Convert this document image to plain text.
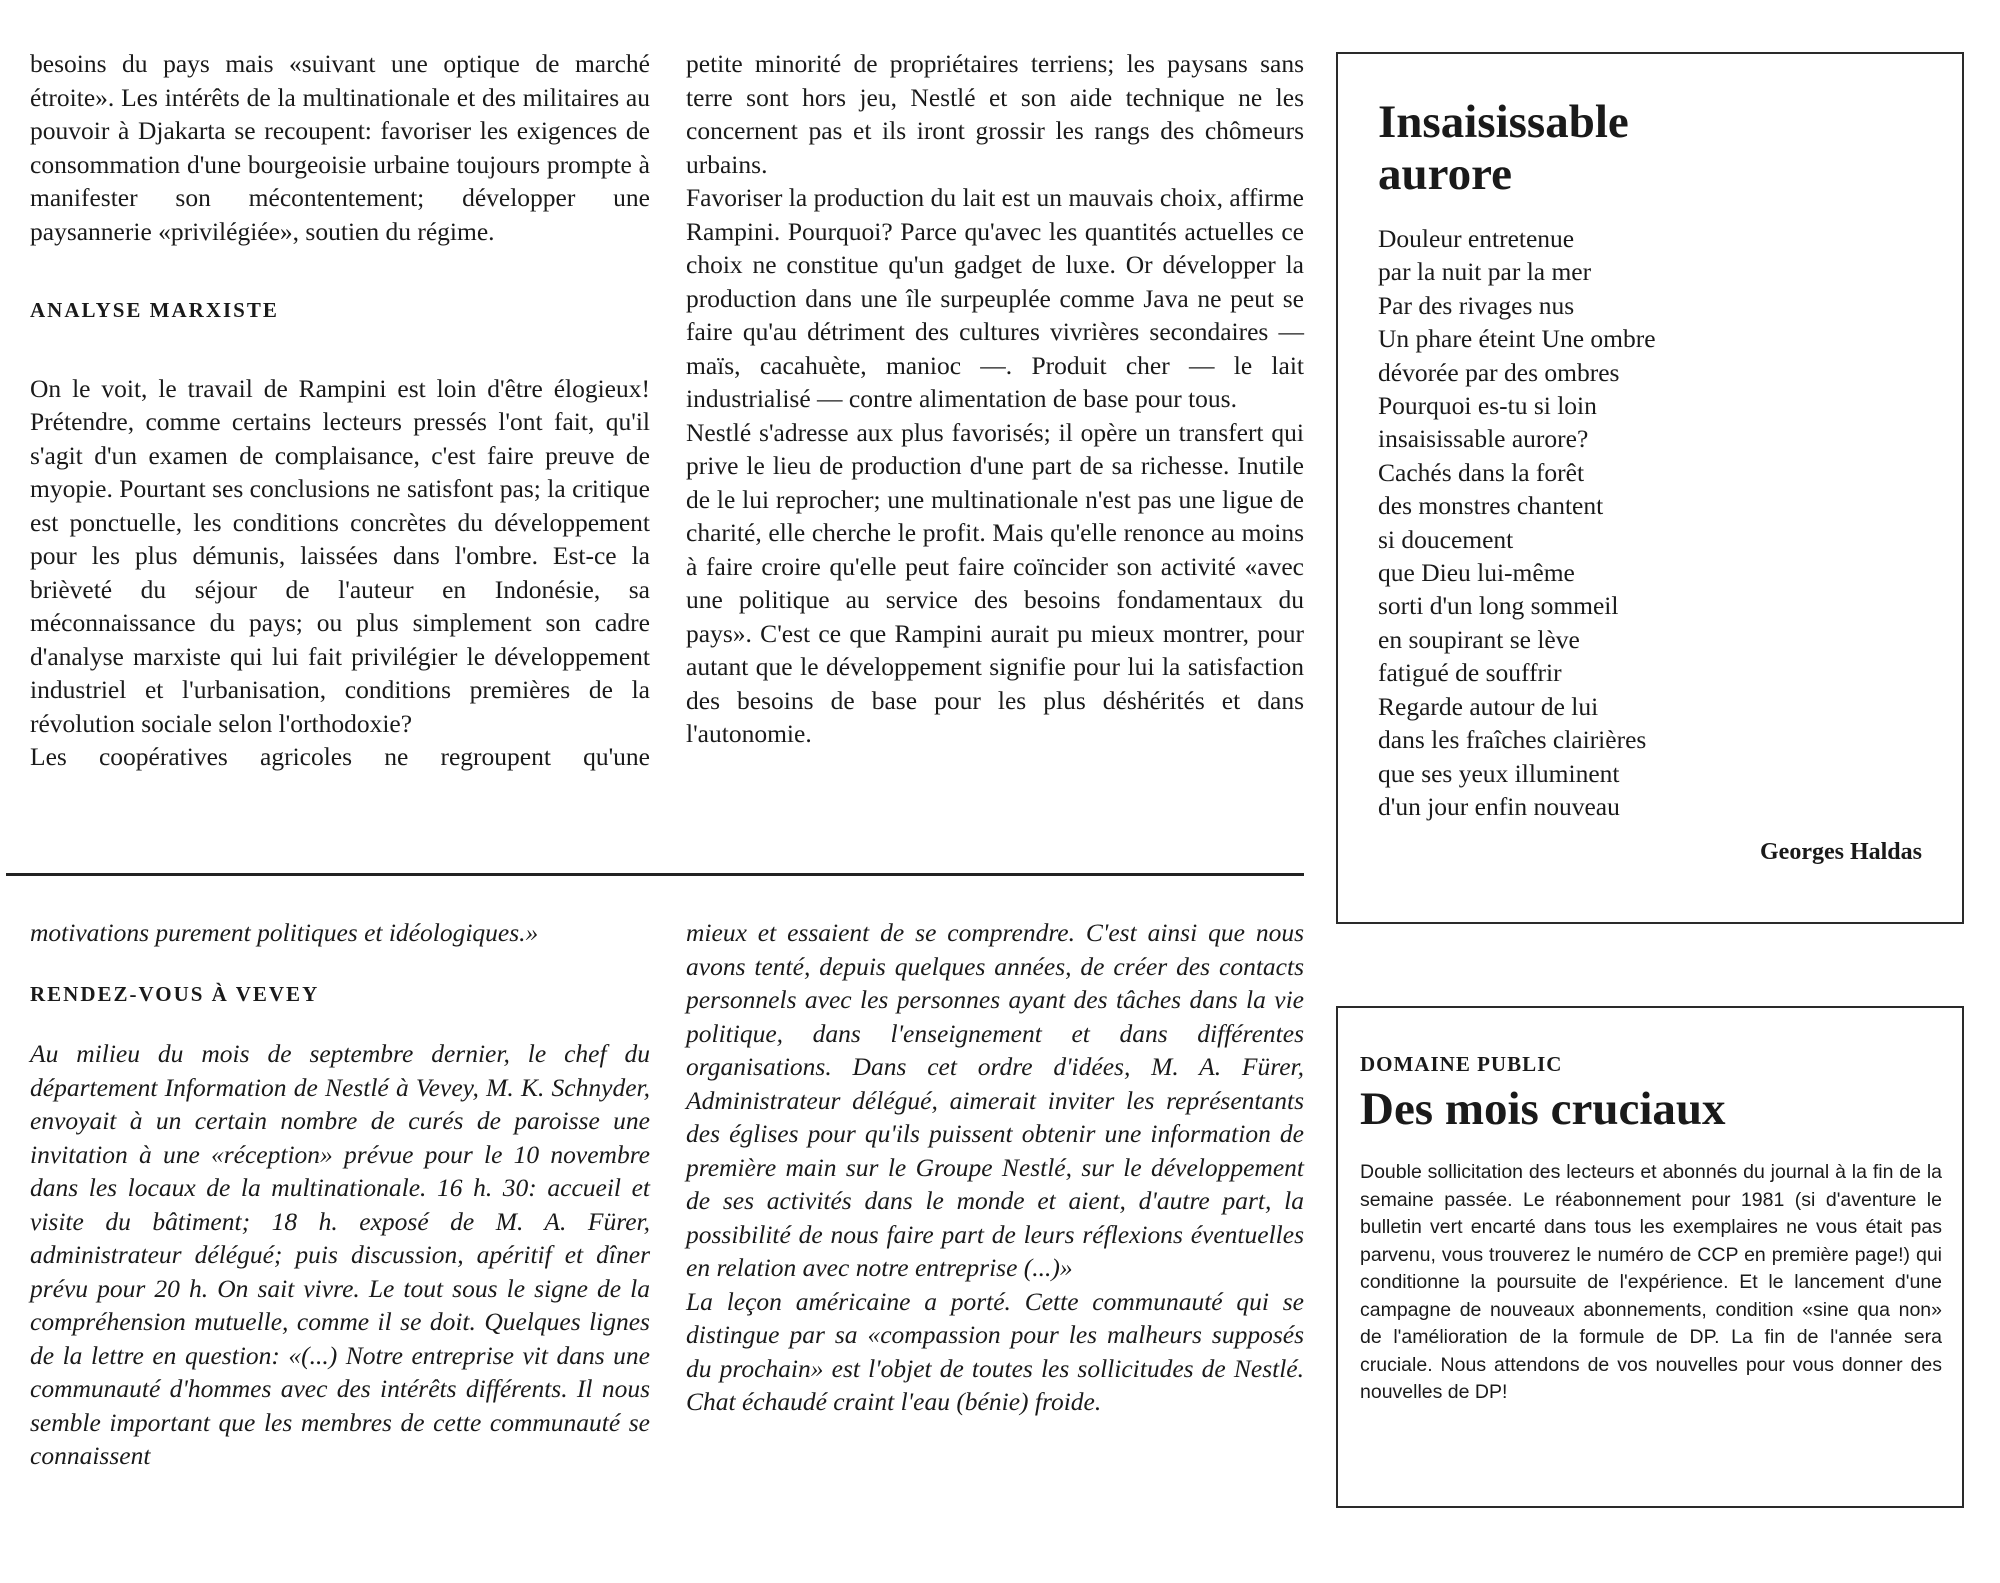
besoins du pays mais «suivant une optique de marché étroite». Les intérêts de la multinationale et des militaires au pouvoir à Djakarta se recoupent: favoriser les exigences de consommation d'une bourgeoisie urbaine toujours prompte à manifester son mécontentement; développer une paysannerie «privilégiée», soutien du régime.

ANALYSE MARXISTE

On le voit, le travail de Rampini est loin d'être élogieux! Prétendre, comme certains lecteurs pressés l'ont fait, qu'il s'agit d'un examen de complaisance, c'est faire preuve de myopie. Pourtant ses conclusions ne satisfont pas; la critique est ponctuelle, les conditions concrètes du développement pour les plus démunis, laissées dans l'ombre. Est-ce la brièveté du séjour de l'auteur en Indonésie, sa méconnaissance du pays; ou plus simplement son cadre d'analyse marxiste qui lui fait privilégier le développement industriel et l'urbanisation, conditions premières de la révolution sociale selon l'orthodoxie?

Les coopératives agricoles ne regroupent qu'une

petite minorité de propriétaires terriens; les paysans sans terre sont hors jeu, Nestlé et son aide technique ne les concernent pas et ils iront grossir les rangs des chômeurs urbains.

Favoriser la production du lait est un mauvais choix, affirme Rampini. Pourquoi? Parce qu'avec les quantités actuelles ce choix ne constitue qu'un gadget de luxe. Or développer la production dans une île surpeuplée comme Java ne peut se faire qu'au détriment des cultures vivrières secondaires — maïs, cacahuète, manioc —. Produit cher — le lait industrialisé — contre alimentation de base pour tous.

Nestlé s'adresse aux plus favorisés; il opère un transfert qui prive le lieu de production d'une part de sa richesse. Inutile de le lui reprocher; une multinationale n'est pas une ligue de charité, elle cherche le profit. Mais qu'elle renonce au moins à faire croire qu'elle peut faire coïncider son activité «avec une politique au service des besoins fondamentaux du pays». C'est ce que Rampini aurait pu mieux montrer, pour autant que le développement signifie pour lui la satisfaction des besoins de base pour les plus déshérités et dans l'autonomie.

motivations purement politiques et idéologiques.»

RENDEZ-VOUS À VEVEY

Au milieu du mois de septembre dernier, le chef du département Information de Nestlé à Vevey, M. K. Schnyder, envoyait à un certain nombre de curés de paroisse une invitation à une «réception» prévue pour le 10 novembre dans les locaux de la multinationale. 16 h. 30: accueil et visite du bâtiment; 18 h. exposé de M. A. Fürer, administrateur délégué; puis discussion, apéritif et dîner prévu pour 20 h. On sait vivre. Le tout sous le signe de la compréhension mutuelle, comme il se doit. Quelques lignes de la lettre en question: «(...) Notre entreprise vit dans une communauté d'hommes avec des intérêts différents. Il nous semble important que les membres de cette communauté se connaissent

mieux et essaient de se comprendre. C'est ainsi que nous avons tenté, depuis quelques années, de créer des contacts personnels avec les personnes ayant des tâches dans la vie politique, dans l'enseignement et dans différentes organisations. Dans cet ordre d'idées, M. A. Fürer, Administrateur délégué, aimerait inviter les représentants des églises pour qu'ils puissent obtenir une information de première main sur le Groupe Nestlé, sur le développement de ses activités dans le monde et aient, d'autre part, la possibilité de nous faire part de leurs réflexions éventuelles en relation avec notre entreprise (...)»

La leçon américaine a porté. Cette communauté qui se distingue par sa «compassion pour les malheurs supposés du prochain» est l'objet de toutes les sollicitudes de Nestlé. Chat échaudé craint l'eau (bénie) froide.

Insaisissable
aurore
Douleur entretenue
par la nuit par la mer
Par des rivages nus
Un phare éteint Une ombre
dévorée par des ombres
Pourquoi es-tu si loin
insaisissable aurore?
Cachés dans la forêt
des monstres chantent
si doucement
que Dieu lui-même
sorti d'un long sommeil
en soupirant se lève
fatigué de souffrir
Regarde autour de lui
dans les fraîches clairières
que ses yeux illuminent
d'un jour enfin nouveau
Georges Haldas
DOMAINE PUBLIC
Des mois cruciaux
Double sollicitation des lecteurs et abonnés du journal à la fin de la semaine passée. Le réabonnement pour 1981 (si d'aventure le bulletin vert encarté dans tous les exemplaires ne vous était pas parvenu, vous trouverez le numéro de CCP en première page!) qui conditionne la poursuite de l'expérience. Et le lancement d'une campagne de nouveaux abonnements, condition «sine qua non» de l'amélioration de la formule de DP. La fin de l'année sera cruciale. Nous attendons de vos nouvelles pour vous donner des nouvelles de DP!
